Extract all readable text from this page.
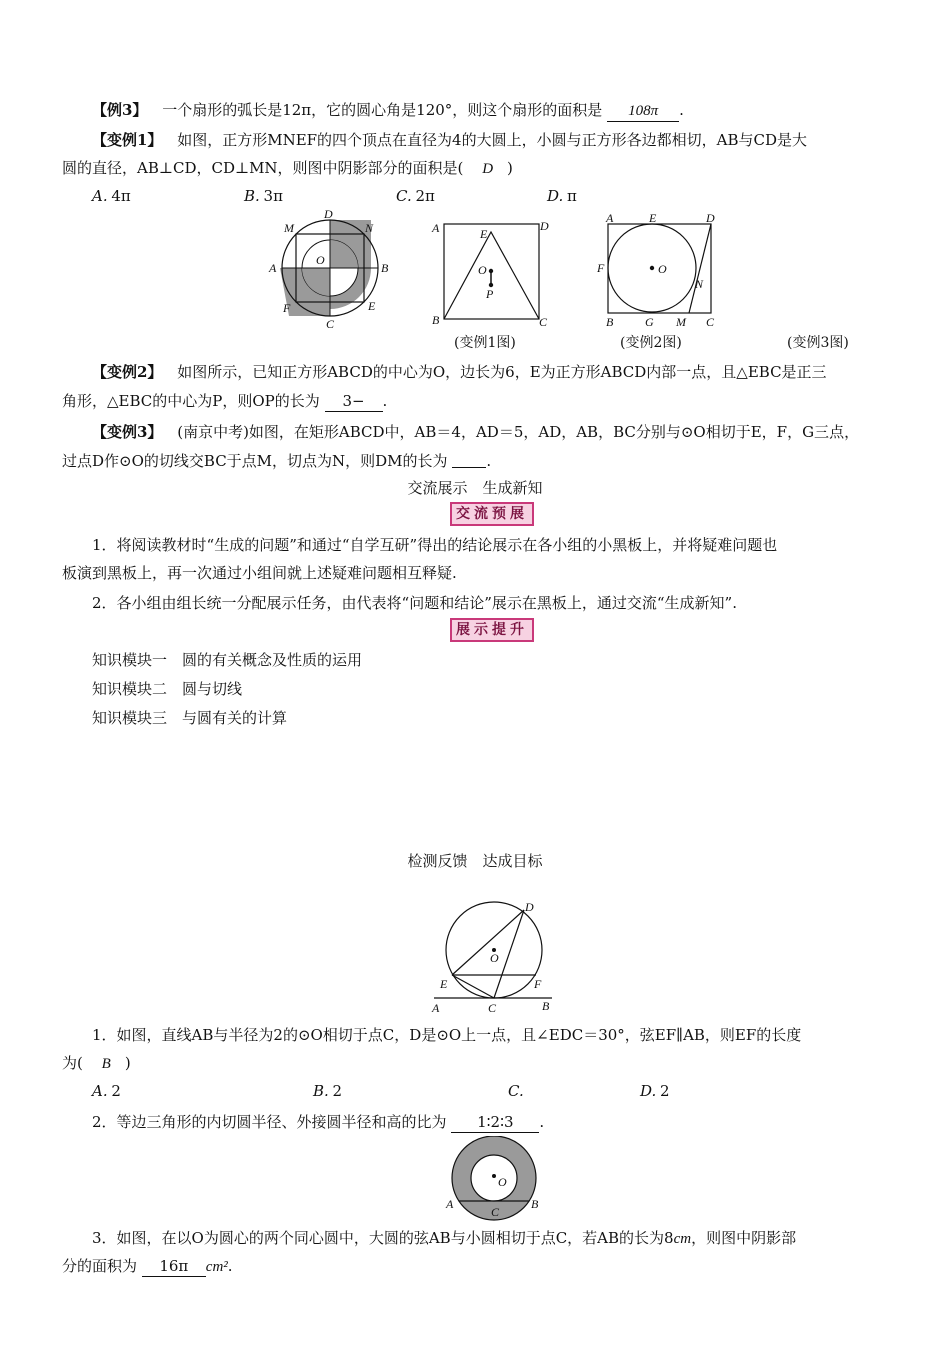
【例3】 一个扇形的弧长是12π，它的圆心角是120°，则这个扇形的面积是 108π .
【变例1】 如图，正方形MNEF的四个顶点在直径为4的大圆上，小圆与正方形各边都相切，AB与CD是大
圆的直径，AB⊥CD，CD⊥MN，则图中阴影部分的面积是( D )
A. 4π	B. 3π	C. 2π	D. π
D
M	N
A
O
B
F	E
C
A	D
E
O
P
B	C
A	E	D
F	O
N
B	G M C
(变例1图)	(变例2图)	(变例3图)
【变例2】 如图所示，已知正方形ABCD的中心为O，边长为6，E为正方形ABCD内部一点，且△EBC是正三
角形，△EBC的中心为P，则OP的长为 3− .
【变例3】 (南京中考)如图，在矩形ABCD中，AB＝4，AD＝5，AD，AB，BC分别与⊙O相切于E，F，G三点，
过点D作⊙O的切线交BC于点M，切点为N，则DM的长为	.
交流展示　生成新知
交流预展
1．将阅读教材时“生成的问题”和通过“自学互研”得出的结论展示在各小组的小黑板上，并将疑难问题也
板演到黑板上，再一次通过小组间就上述疑难问题相互释疑.
2．各小组由组长统一分配展示任务，由代表将“问题和结论”展示在黑板上，通过交流“生成新知”.
展示提升
知识模块一　圆的有关概念及性质的运用
知识模块二　圆与切线
知识模块三　与圆有关的计算
检测反馈　达成目标
D
O
E	F
A	C	B
1．如图，直线AB与半径为2的⊙O相切于点C，D是⊙O上一点，且∠EDC＝30°，弦EF∥AB，则EF的长度
为( B )
A. 2	B. 2	C.	D. 2
2．等边三角形的内切圆半径、外接圆半径和高的比为 1∶2∶3 .
O
A
C
B
3．如图，在以O为圆心的两个同心圆中，大圆的弦AB与小圆相切于点C，若AB的长为8cm，则图中阴影部
分的面积为 16π cm².
